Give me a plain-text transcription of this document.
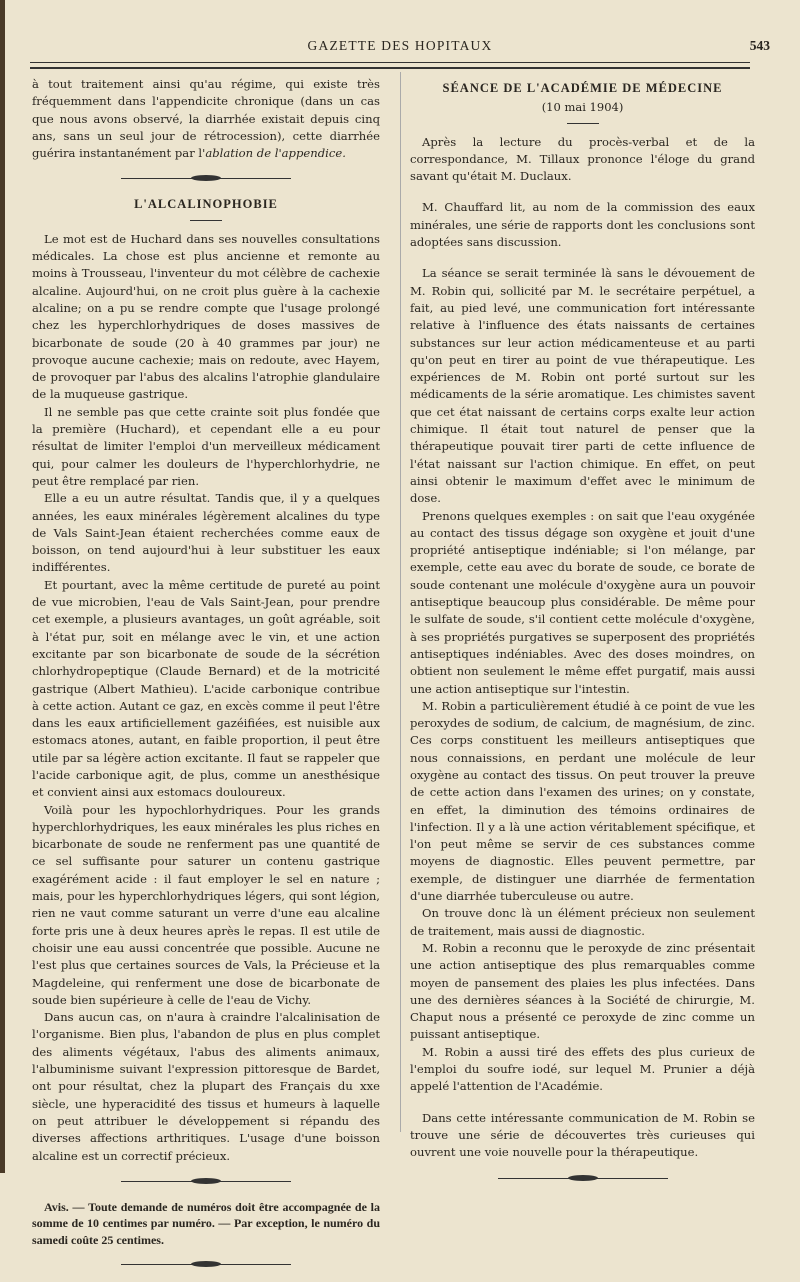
GAZETTE DES HOPITAUX	543

à tout traitement ainsi qu'au régime, qui existe très fréquemment dans l'appendicite chronique (dans un cas que nous avons observé, la diarrhée existait depuis cinq ans, sans un seul jour de rétrocession), cette diarrhée guérira instantanément par l'ablation de l'appendice.

L'ALCALINOPHOBIE

Le mot est de Huchard dans ses nouvelles consultations médicales. La chose est plus ancienne et remonte au moins à Trousseau, l'inventeur du mot célèbre de cachexie alcaline. Aujourd'hui, on ne croit plus guère à la cachexie alcaline; on a pu se rendre compte que l'usage prolongé chez les hyperchlorhydriques de doses massives de bicarbonate de soude (20 à 40 grammes par jour) ne provoque aucune cachexie; mais on redoute, avec Hayem, de provoquer par l'abus des alcalins l'atrophie glandulaire de la muqueuse gastrique.

Il ne semble pas que cette crainte soit plus fondée que la première (Huchard), et cependant elle a eu pour résultat de limiter l'emploi d'un merveilleux médicament qui, pour calmer les douleurs de l'hyperchlorhydrie, ne peut être remplacé par rien.

Elle a eu un autre résultat. Tandis que, il y a quelques années, les eaux minérales légèrement alcalines du type de Vals Saint-Jean étaient recherchées comme eaux de boisson, on tend aujourd'hui à leur substituer les eaux indifférentes.

Et pourtant, avec la même certitude de pureté au point de vue microbien, l'eau de Vals Saint-Jean, pour prendre cet exemple, a plusieurs avantages, un goût agréable, soit à l'état pur, soit en mélange avec le vin, et une action excitante par son bicarbonate de soude de la sécrétion chlorhydropeptique (Claude Bernard) et de la motricité gastrique (Albert Mathieu). L'acide carbonique contribue à cette action. Autant ce gaz, en excès comme il peut l'être dans les eaux artificiellement gazéifiées, est nuisible aux estomacs atones, autant, en faible proportion, il peut être utile par sa légère action excitante. Il faut se rappeler que l'acide carbonique agit, de plus, comme un anesthésique et convient ainsi aux estomacs douloureux.

Voilà pour les hypochlorhydriques. Pour les grands hyperchlorhydriques, les eaux minérales les plus riches en bicarbonate de soude ne renferment pas une quantité de ce sel suffisante pour saturer un contenu gastrique exagérément acide : il faut employer le sel en nature ; mais, pour les hyperchlorhydriques légers, qui sont légion, rien ne vaut comme saturant un verre d'une eau alcaline forte pris une à deux heures après le repas. Il est utile de choisir une eau aussi concentrée que possible. Aucune ne l'est plus que certaines sources de Vals, la Précieuse et la Magdeleine, qui renferment une dose de bicarbonate de soude bien supérieure à celle de l'eau de Vichy.

Dans aucun cas, on n'aura à craindre l'alcalinisation de l'organisme. Bien plus, l'abandon de plus en plus complet des aliments végétaux, l'abus des aliments animaux, l'albuminisme suivant l'expression pittoresque de Bardet, ont pour résultat, chez la plupart des Français du xxe siècle, une hyperacidité des tissus et humeurs à laquelle on peut attribuer le développement si répandu des diverses affections arthritiques. L'usage d'une boisson alcaline est un correctif précieux.

Avis. — Toute demande de numéros doit être accompagnée de la somme de 10 centimes par numéro. — Par exception, le numéro du samedi coûte 25 centimes.

SÉANCE DE L'ACADÉMIE DE MÉDECINE
(10 mai 1904)

Après la lecture du procès-verbal et de la correspondance, M. Tillaux prononce l'éloge du grand savant qu'était M. Duclaux.

M. Chauffard lit, au nom de la commission des eaux minérales, une série de rapports dont les conclusions sont adoptées sans discussion.

La séance se serait terminée là sans le dévouement de M. Robin qui, sollicité par M. le secrétaire perpétuel, a fait, au pied levé, une communication fort intéressante relative à l'influence des états naissants de certaines substances sur leur action médicamenteuse et au parti qu'on peut en tirer au point de vue thérapeutique. Les expériences de M. Robin ont porté surtout sur les médicaments de la série aromatique. Les chimistes savent que cet état naissant de certains corps exalte leur action chimique. Il était tout naturel de penser que la thérapeutique pouvait tirer parti de cette influence de l'état naissant sur l'action chimique. En effet, on peut ainsi obtenir le maximum d'effet avec le minimum de dose.

Prenons quelques exemples : on sait que l'eau oxygénée au contact des tissus dégage son oxygène et jouit d'une propriété antiseptique indéniable; si l'on mélange, par exemple, cette eau avec du borate de soude, ce borate de soude contenant une molécule d'oxygène aura un pouvoir antiseptique beaucoup plus considérable. De même pour le sulfate de soude, s'il contient cette molécule d'oxygène, à ses propriétés purgatives se superposent des propriétés antiseptiques indéniables. Avec des doses moindres, on obtient non seulement le même effet purgatif, mais aussi une action antiseptique sur l'intestin.

M. Robin a particulièrement étudié à ce point de vue les peroxydes de sodium, de calcium, de magnésium, de zinc. Ces corps constituent les meilleurs antiseptiques que nous connaissions, en perdant une molécule de leur oxygène au contact des tissus. On peut trouver la preuve de cette action dans l'examen des urines; on y constate, en effet, la diminution des témoins ordinaires de l'infection. Il y a là une action véritablement spécifique, et l'on peut même se servir de ces substances comme moyens de diagnostic. Elles peuvent permettre, par exemple, de distinguer une diarrhée de fermentation d'une diarrhée tuberculeuse ou autre.

On trouve donc là un élément précieux non seulement de traitement, mais aussi de diagnostic.

M. Robin a reconnu que le peroxyde de zinc présentait une action antiseptique des plus remarquables comme moyen de pansement des plaies les plus infectées. Dans une des dernières séances à la Société de chirurgie, M. Chaput nous a présenté ce peroxyde de zinc comme un puissant antiseptique.

M. Robin a aussi tiré des effets des plus curieux de l'emploi du soufre iodé, sur lequel M. Prunier a déjà appelé l'attention de l'Académie.

Dans cette intéressante communication de M. Robin se trouve une série de découvertes très curieuses qui ouvrent une voie nouvelle pour la thérapeutique.
